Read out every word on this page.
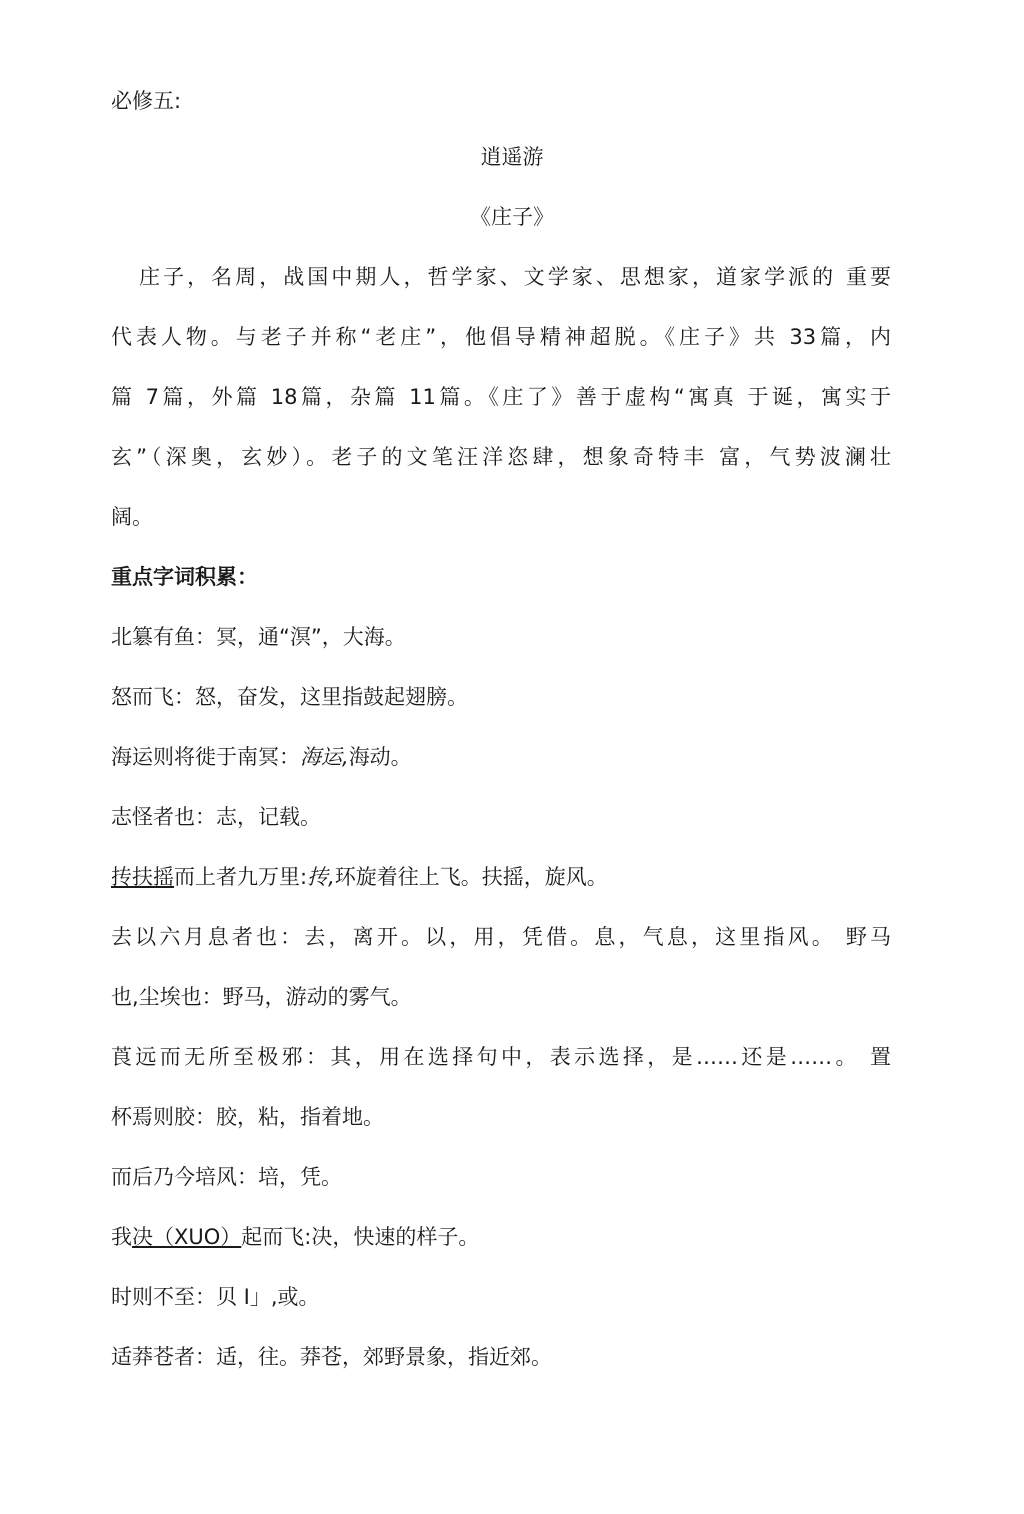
必修五:
逍遥游
《庄子》
庄子，名周，战国中期人，哲学家、文学家、思想家，道家学派的 重要
代表人物。与老子并称“老庄”，他倡导精神超脱。《庄子》共 33篇，内
篇 7篇，外篇 18篇，杂篇 11篇。《庄了》善于虚构“寓真 于诞，寓实于
玄”（深奥，玄妙）。老子的文笔汪洋恣肆，想象奇特丰 富，气势波澜壮
阔。
重点字词积累：
北簒有鱼：冥，通“溟”，大海。
怒而飞：怒，奋发，这里指鼓起翅膀。
海运则将徙于南冥：海运,海动。
志怪者也：志，记载。
抟扶摇而上者九万里:抟,环旋着往上飞。扶摇，旋风。
去以六月息者也：去，离开。以，用，凭借。息，气息，这里指风。 野马
也,尘埃也：野马，游动的雾气。
莨远而无所至极邪：其，用在选择句中，表示选择，是……还是……。 置
杯焉则胶：胶，粘，指着地。
而后乃今培风：培，凭。
我决（XUO）起而飞:决，快速的样子。
时则不至：贝 I」,或。
适莽苍者：适，往。莽苍，郊野景象，指近郊。
